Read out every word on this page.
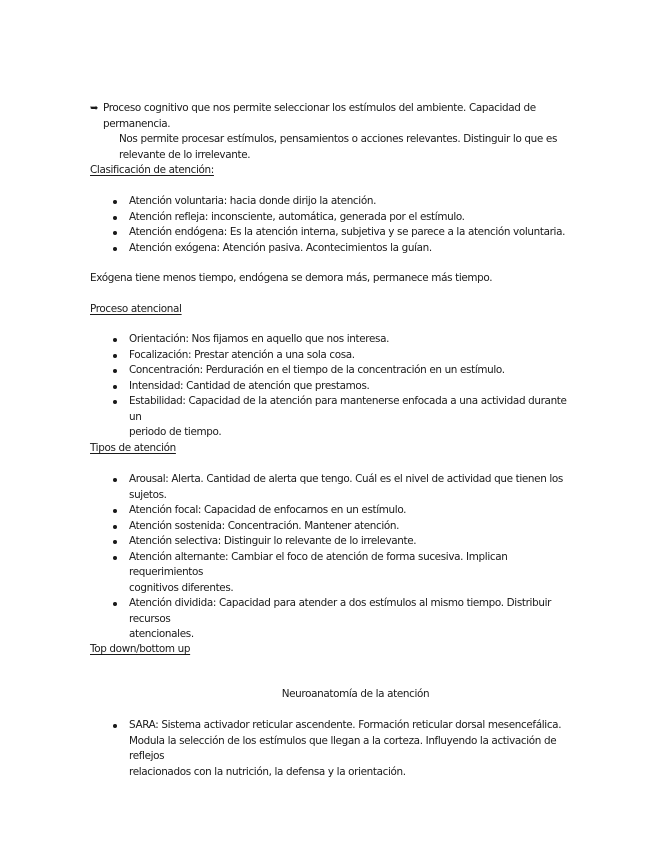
➥ Proceso cognitivo que nos permite seleccionar los estímulos del ambiente. Capacidad de permanencia.
Nos permite procesar estímulos, pensamientos o acciones relevantes. Distinguir lo que es
relevante de lo irrelevante.
Clasificación de atención:
Atención voluntaria: hacia donde dirijo la atención.
Atención refleja: inconsciente, automática, generada por el estímulo.
Atención endógena: Es la atención interna, subjetiva y se parece a la atención voluntaria.
Atención exógena: Atención pasiva. Acontecimientos la guían.
Exógena tiene menos tiempo, endógena se demora más, permanece más tiempo.
Proceso atencional
Orientación: Nos fijamos en aquello que nos interesa.
Focalización: Prestar atención a una sola cosa.
Concentración: Perduración en el tiempo de la concentración en un estímulo.
Intensidad: Cantidad de atención que prestamos.
Estabilidad: Capacidad de la atención para mantenerse enfocada a una actividad durante un
periodo de tiempo.
Tipos de atención
Arousal: Alerta. Cantidad de alerta que tengo. Cuál es el nivel de actividad que tienen los
sujetos.
Atención focal: Capacidad de enfocarnos en un estímulo.
Atención sostenida: Concentración. Mantener atención.
Atención selectiva: Distinguir lo relevante de lo irrelevante.
Atención alternante: Cambiar el foco de atención de forma sucesiva. Implican requerimientos
cognitivos diferentes.
Atención dividida: Capacidad para atender a dos estímulos al mismo tiempo. Distribuir recursos
atencionales.
Top down/bottom up
Neuroanatomía de la atención
SARA: Sistema activador reticular ascendente. Formación reticular dorsal mesencefálica.
Modula la selección de los estímulos que llegan a la corteza. Influyendo la activación de reflejos
relacionados con la nutrición, la defensa y la orientación.
